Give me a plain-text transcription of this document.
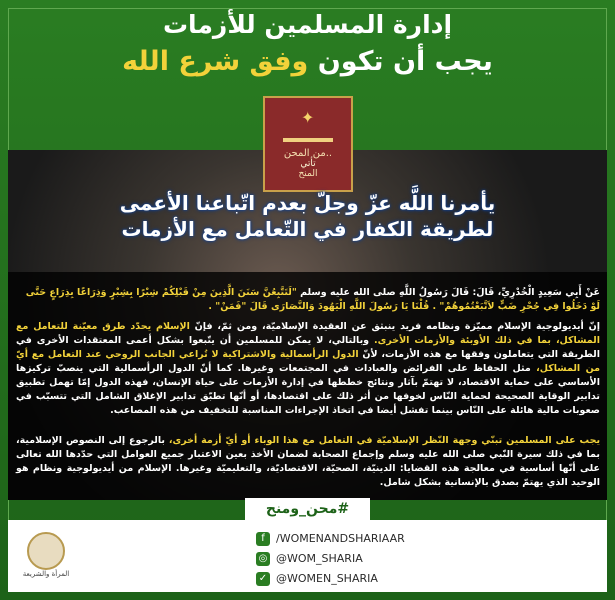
إدارة المسلمين للأزمات
يجب أن تكون وفق شرع الله
✦
من المحن..
تأتي
المنح
يأمرنا اللَّه عزّ وجلّ بعدم اتّباعنا الأعمى
لطريقة الكفار في التّعامل مع الأزمات
عَنْ أَبِي سَعِيدٍ الْخُدْرِيِّ، قَالَ: قَالَ رَسُولُ اللَّهِ صلى الله عليه وسلم "لَتَتَّبِعُنَّ سَنَنَ الَّذِينَ مِنْ قَبْلِكُمْ شِبْرًا بِشِبْرٍ وَذِرَاعًا بِذِرَاعٍ حَتَّى لَوْ دَخَلُوا فِي جُحْرِ ضَبٍّ لاَتَّبَعْتُمُوهُمْ" . قُلْنَا يَا رَسُولَ اللَّهِ الْيَهُودَ وَالنَّصَارَى قَالَ "فَمَنْ" .
إنّ أيديولوجية الإسلام مميّزة ونظامه فريد ينبثق عن العقيدة الإسلاميّة، ومن ثمّ، فإنّ الإسلام يحدّد طرق معيّنة للتعامل مع المشاكل، بما في ذلك الأوبئة والأزمات الأخرى. وبالتالي، لا يمكن للمسلمين أن يتّبعوا بشكل أعمى المعتقدات الأخرى في الطريقة التي يتعاملون وفقها مع هذه الأزمات، لأنّ الدول الرأسمالية والاشتراكية لا تُراعي الجانب الروحي عند التعامل مع أيّ من المشاكل، مثل الحفاظ على الفرائض والعبادات في المجتمعات وغيرها. كما أنّ الدول الرأسمالية التي ينصبّ تركيزها الأساسي على حماية الاقتصاد، لا تهتمّ بآثار ونتائج خططها في إدارة الأزمات على حياة الإنسان، فهذه الدول إمّا تهمل تطبيق تدابير الوقاية الصحيحة لحماية النّاس لخوفها من أثر ذلك على اقتصادها، أو أنّها تطبّق تدابير الإغلاق الشامل التي تتسبّب في صعوبات مالية هائلة على النّاس بينما تفشل أيضا في اتخاذ الإجراءات المناسبة للتخفيف من هذه المصاعب.
يجب على المسلمين تبنّي وجهة النّظر الإسلاميّة في التعامل مع هذا الوباء أو أيّ أزمة أخرى، بالرجوع إلى النصوص الإسلامية، بما في ذلك سيرة النّبي صلى الله عليه وسلم وإجماع الصحابة لضمان الأخذ بعين الاعتبار جميع العوامل التي حدّدها الله تعالى على أنّها أساسية في معالجة هذه القضايا: الدينيّة، الصحيّة، الاقتصاديّة، والتعليميّة وغيرها. الإسلام من أيديولوجية ونظام هو الوحيد الذي يهتمّ بصدق بالإنسانية بشكل شامل.
#محن_ومنح
المرأة والشريعة
f /WOMENANDSHARIAAR
◎ @WOM_SHARIA
✓ @WOMEN_SHARIA
